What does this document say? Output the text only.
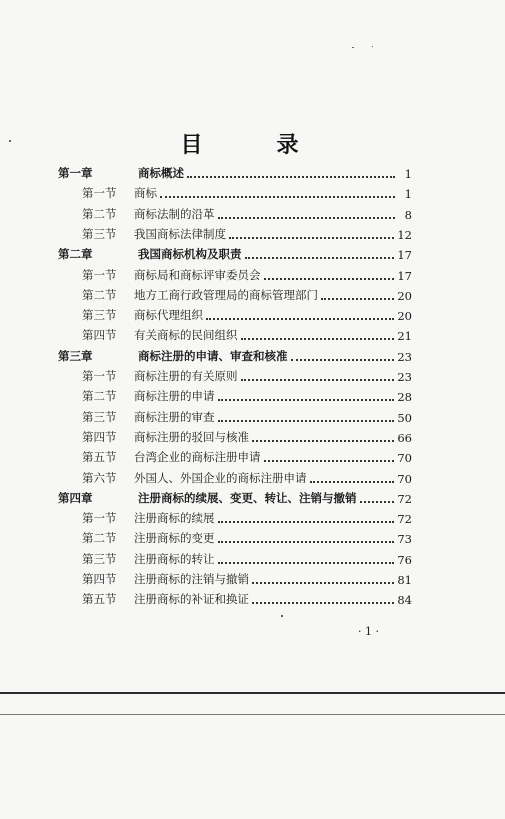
目　录
第一章	商标概述	1
第一节	商标	1
第二节	商标法制的沿革	8
第三节	我国商标法律制度	12
第二章	我国商标机构及职责	17
第一节	商标局和商标评审委员会	17
第二节	地方工商行政管理局的商标管理部门	20
第三节	商标代理组织	20
第四节	有关商标的民间组织	21
第三章	商标注册的申请、审查和核准	23
第一节	商标注册的有关原则	23
第二节	商标注册的申请	28
第三节	商标注册的审查	50
第四节	商标注册的驳回与核准	66
第五节	台湾企业的商标注册申请	70
第六节	外国人、外国企业的商标注册申请	70
第四章	注册商标的续展、变更、转让、注销与撤销	72
第一节	注册商标的续展	72
第二节	注册商标的变更	73
第三节	注册商标的转让	76
第四节	注册商标的注销与撤销	81
第五节	注册商标的补证和换证	84
· 1 ·
